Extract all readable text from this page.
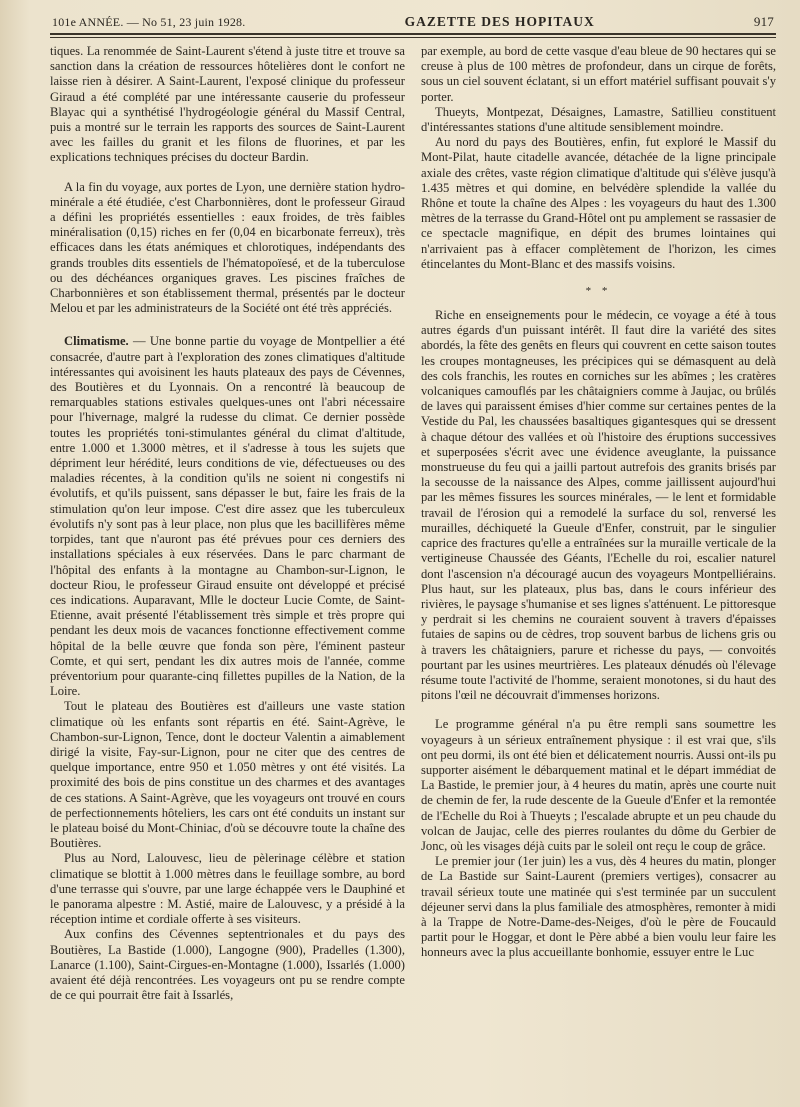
101e ANNÉE. — No 51, 23 juin 1928.	GAZETTE DES HOPITAUX	917

tiques. La renommée de Saint-Laurent s'étend à juste titre et trouve sa sanction dans la création de ressources hôtelières dont le confort ne laisse rien à désirer. A Saint-Laurent, l'exposé clinique du professeur Giraud a été complété par une intéressante causerie du professeur Blayac qui a synthétisé l'hydrogéologie général du Massif Central, puis a montré sur le terrain les rapports des sources de Saint-Laurent avec les failles du granit et les filons de fluorines, et par les explications techniques précises du docteur Bardin.

A la fin du voyage, aux portes de Lyon, une dernière station hydro-minérale a été étudiée, c'est Charbonnières, dont le professeur Giraud a défini les propriétés essentielles : eaux froides, de très faibles minéralisation (0,15) riches en fer (0,04 en bicarbonate ferreux), très efficaces dans les états anémiques et chlorotiques, indépendants des grands troubles dits essentiels de l'hématopoïesé, et de la tuberculose ou des déchéances organiques graves. Les piscines fraîches de Charbonnières et son établissement thermal, présentés par le docteur Melou et par les administrateurs de la Société ont été très appréciés.

Climatisme. — Une bonne partie du voyage de Montpellier a été consacrée, d'autre part à l'exploration des zones climatiques d'altitude intéressantes qui avoisinent les hauts plateaux des pays de Cévennes, des Boutières et du Lyonnais. On a rencontré là beaucoup de remarquables stations estivales quelques-unes ont l'abri nécessaire pour l'hivernage, malgré la rudesse du climat. Ce dernier possède toutes les propriétés toni-stimulantes général du climat d'altitude, entre 1.000 et 1.3000 mètres, et il s'adresse à tous les sujets que dépriment leur hérédité, leurs conditions de vie, défectueuses ou des maladies récentes, à la condition qu'ils ne soient ni congestifs ni évolutifs, et qu'ils puissent, sans dépasser le but, faire les frais de la stimulation qu'on leur impose. C'est dire assez que les tuberculeux évolutifs n'y sont pas à leur place, non plus que les bacillifères même torpides, tant que n'auront pas été prévues pour ces derniers des installations spéciales à eux réservées. Dans le parc charmant de l'hôpital des enfants à la montagne au Chambon-sur-Lignon, le docteur Riou, le professeur Giraud ensuite ont développé et précisé ces indications. Auparavant, Mlle le docteur Lucie Comte, de Saint-Etienne, avait présenté l'établissement très simple et très propre qui pendant les deux mois de vacances fonctionne effectivement comme hôpital de la belle œuvre que fonda son père, l'éminent pasteur Comte, et qui sert, pendant les dix autres mois de l'année, comme préventorium pour quarante-cinq fillettes pupilles de la Nation, de la Loire.

Tout le plateau des Boutières est d'ailleurs une vaste station climatique où les enfants sont répartis en été. Saint-Agrève, le Chambon-sur-Lignon, Tence, dont le docteur Valentin a aimablement dirigé la visite, Fay-sur-Lignon, pour ne citer que des centres de quelque importance, entre 950 et 1.050 mètres y ont été visités. La proximité des bois de pins constitue un des charmes et des avantages de ces stations. A Saint-Agrève, que les voyageurs ont trouvé en cours de perfectionnements hôteliers, les cars ont été conduits un instant sur le plateau boisé du Mont-Chiniac, d'où se découvre toute la chaîne des Boutières.

Plus au Nord, Lalouvesc, lieu de pèlerinage célèbre et station climatique se blottit à 1.000 mètres dans le feuillage sombre, au bord d'une terrasse qui s'ouvre, par une large échappée vers le Dauphiné et le panorama alpestre : M. Astié, maire de Lalouvesc, y a présidé à la réception intime et cordiale offerte à ses visiteurs.

Aux confins des Cévennes septentrionales et du pays des Boutières, La Bastide (1.000), Langogne (900), Pradelles (1.300), Lanarce (1.100), Saint-Cirgues-en-Montagne (1.000), Issarlés (1.000) avaient été déjà rencontrées. Les voyageurs ont pu se rendre compte de ce qui pourrait être fait à Issarlés,

par exemple, au bord de cette vasque d'eau bleue de 90 hectares qui se creuse à plus de 100 mètres de profondeur, dans un cirque de forêts, sous un ciel souvent éclatant, si un effort matériel suffisant pouvait s'y porter.

Thueyts, Montpezat, Désaignes, Lamastre, Satillieu constituent d'intéressantes stations d'une altitude sensiblement moindre.

Au nord du pays des Boutières, enfin, fut exploré le Massif du Mont-Pilat, haute citadelle avancée, détachée de la ligne principale axiale des crêtes, vaste région climatique d'altitude qui s'élève jusqu'à 1.435 mètres et qui domine, en belvédère splendide la vallée du Rhône et toute la chaîne des Alpes : les voyageurs du haut des 1.300 mètres de la terrasse du Grand-Hôtel ont pu amplement se rassasier de ce spectacle magnifique, en dépit des brumes lointaines qui n'arrivaient pas à effacer complètement de l'horizon, les cimes étincelantes du Mont-Blanc et des massifs voisins.

* *

Riche en enseignements pour le médecin, ce voyage a été à tous autres égards d'un puissant intérêt. Il faut dire la variété des sites abordés, la fête des genêts en fleurs qui couvrent en cette saison toutes les croupes montagneuses, les précipices qui se démasquent au delà des cols franchis, les routes en corniches sur les abîmes ; les cratères volcaniques camouflés par les châtaigniers comme à Jaujac, ou brûlés de laves qui paraissent émises d'hier comme sur certaines pentes de la Vestide du Pal, les chaussées basaltiques gigantesques qui se dressent à chaque détour des vallées et où l'histoire des éruptions successives et superposées s'écrit avec une évidence aveuglante, la puissance monstrueuse du feu qui a jailli partout autrefois des granits brisés par la secousse de la naissance des Alpes, comme jaillissent aujourd'hui par les mêmes fissures les sources minérales, — le lent et formidable travail de l'érosion qui a remodelé la surface du sol, renversé les murailles, déchiqueté la Gueule d'Enfer, construit, par le singulier caprice des fractures qu'elle a entraînées sur la muraille verticale de la vertigineuse Chaussée des Géants, l'Echelle du roi, escalier naturel dont l'ascension n'a découragé aucun des voyageurs Montpelliérains. Plus haut, sur les plateaux, plus bas, dans le cours inférieur des rivières, le paysage s'humanise et ses lignes s'atténuent. Le pittoresque y perdrait si les chemins ne couraient souvent à travers d'épaisses futaies de sapins ou de cèdres, trop souvent barbus de lichens gris ou à travers les châtaigniers, parure et richesse du pays, — convoités pourtant par les usines meurtrières. Les plateaux dénudés où l'élevage résume toute l'activité de l'homme, seraient monotones, si du haut des pitons l'œil ne découvrait d'immenses horizons.

Le programme général n'a pu être rempli sans soumettre les voyageurs à un sérieux entraînement physique : il est vrai que, s'ils ont peu dormi, ils ont été bien et délicatement nourris. Aussi ont-ils pu supporter aisément le débarquement matinal et le départ immédiat de La Bastide, le premier jour, à 4 heures du matin, après une courte nuit de chemin de fer, la rude descente de la Gueule d'Enfer et la remontée de l'Echelle du Roi à Thueyts ; l'escalade abrupte et un peu chaude du volcan de Jaujac, celle des pierres roulantes du dôme du Gerbier de Jonc, où les visages déjà cuits par le soleil ont reçu le coup de grâce.

Le premier jour (1er juin) les a vus, dès 4 heures du matin, plonger de La Bastide sur Saint-Laurent (premiers vertiges), consacrer au travail sérieux toute une matinée qui s'est terminée par un succulent déjeuner servi dans la plus familiale des atmosphères, remonter à midi à la Trappe de Notre-Dame-des-Neiges, d'où le père de Foucauld partit pour le Hoggar, et dont le Père abbé a bien voulu leur faire les honneurs avec la plus accueillante bonhomie, essuyer entre le Luc
